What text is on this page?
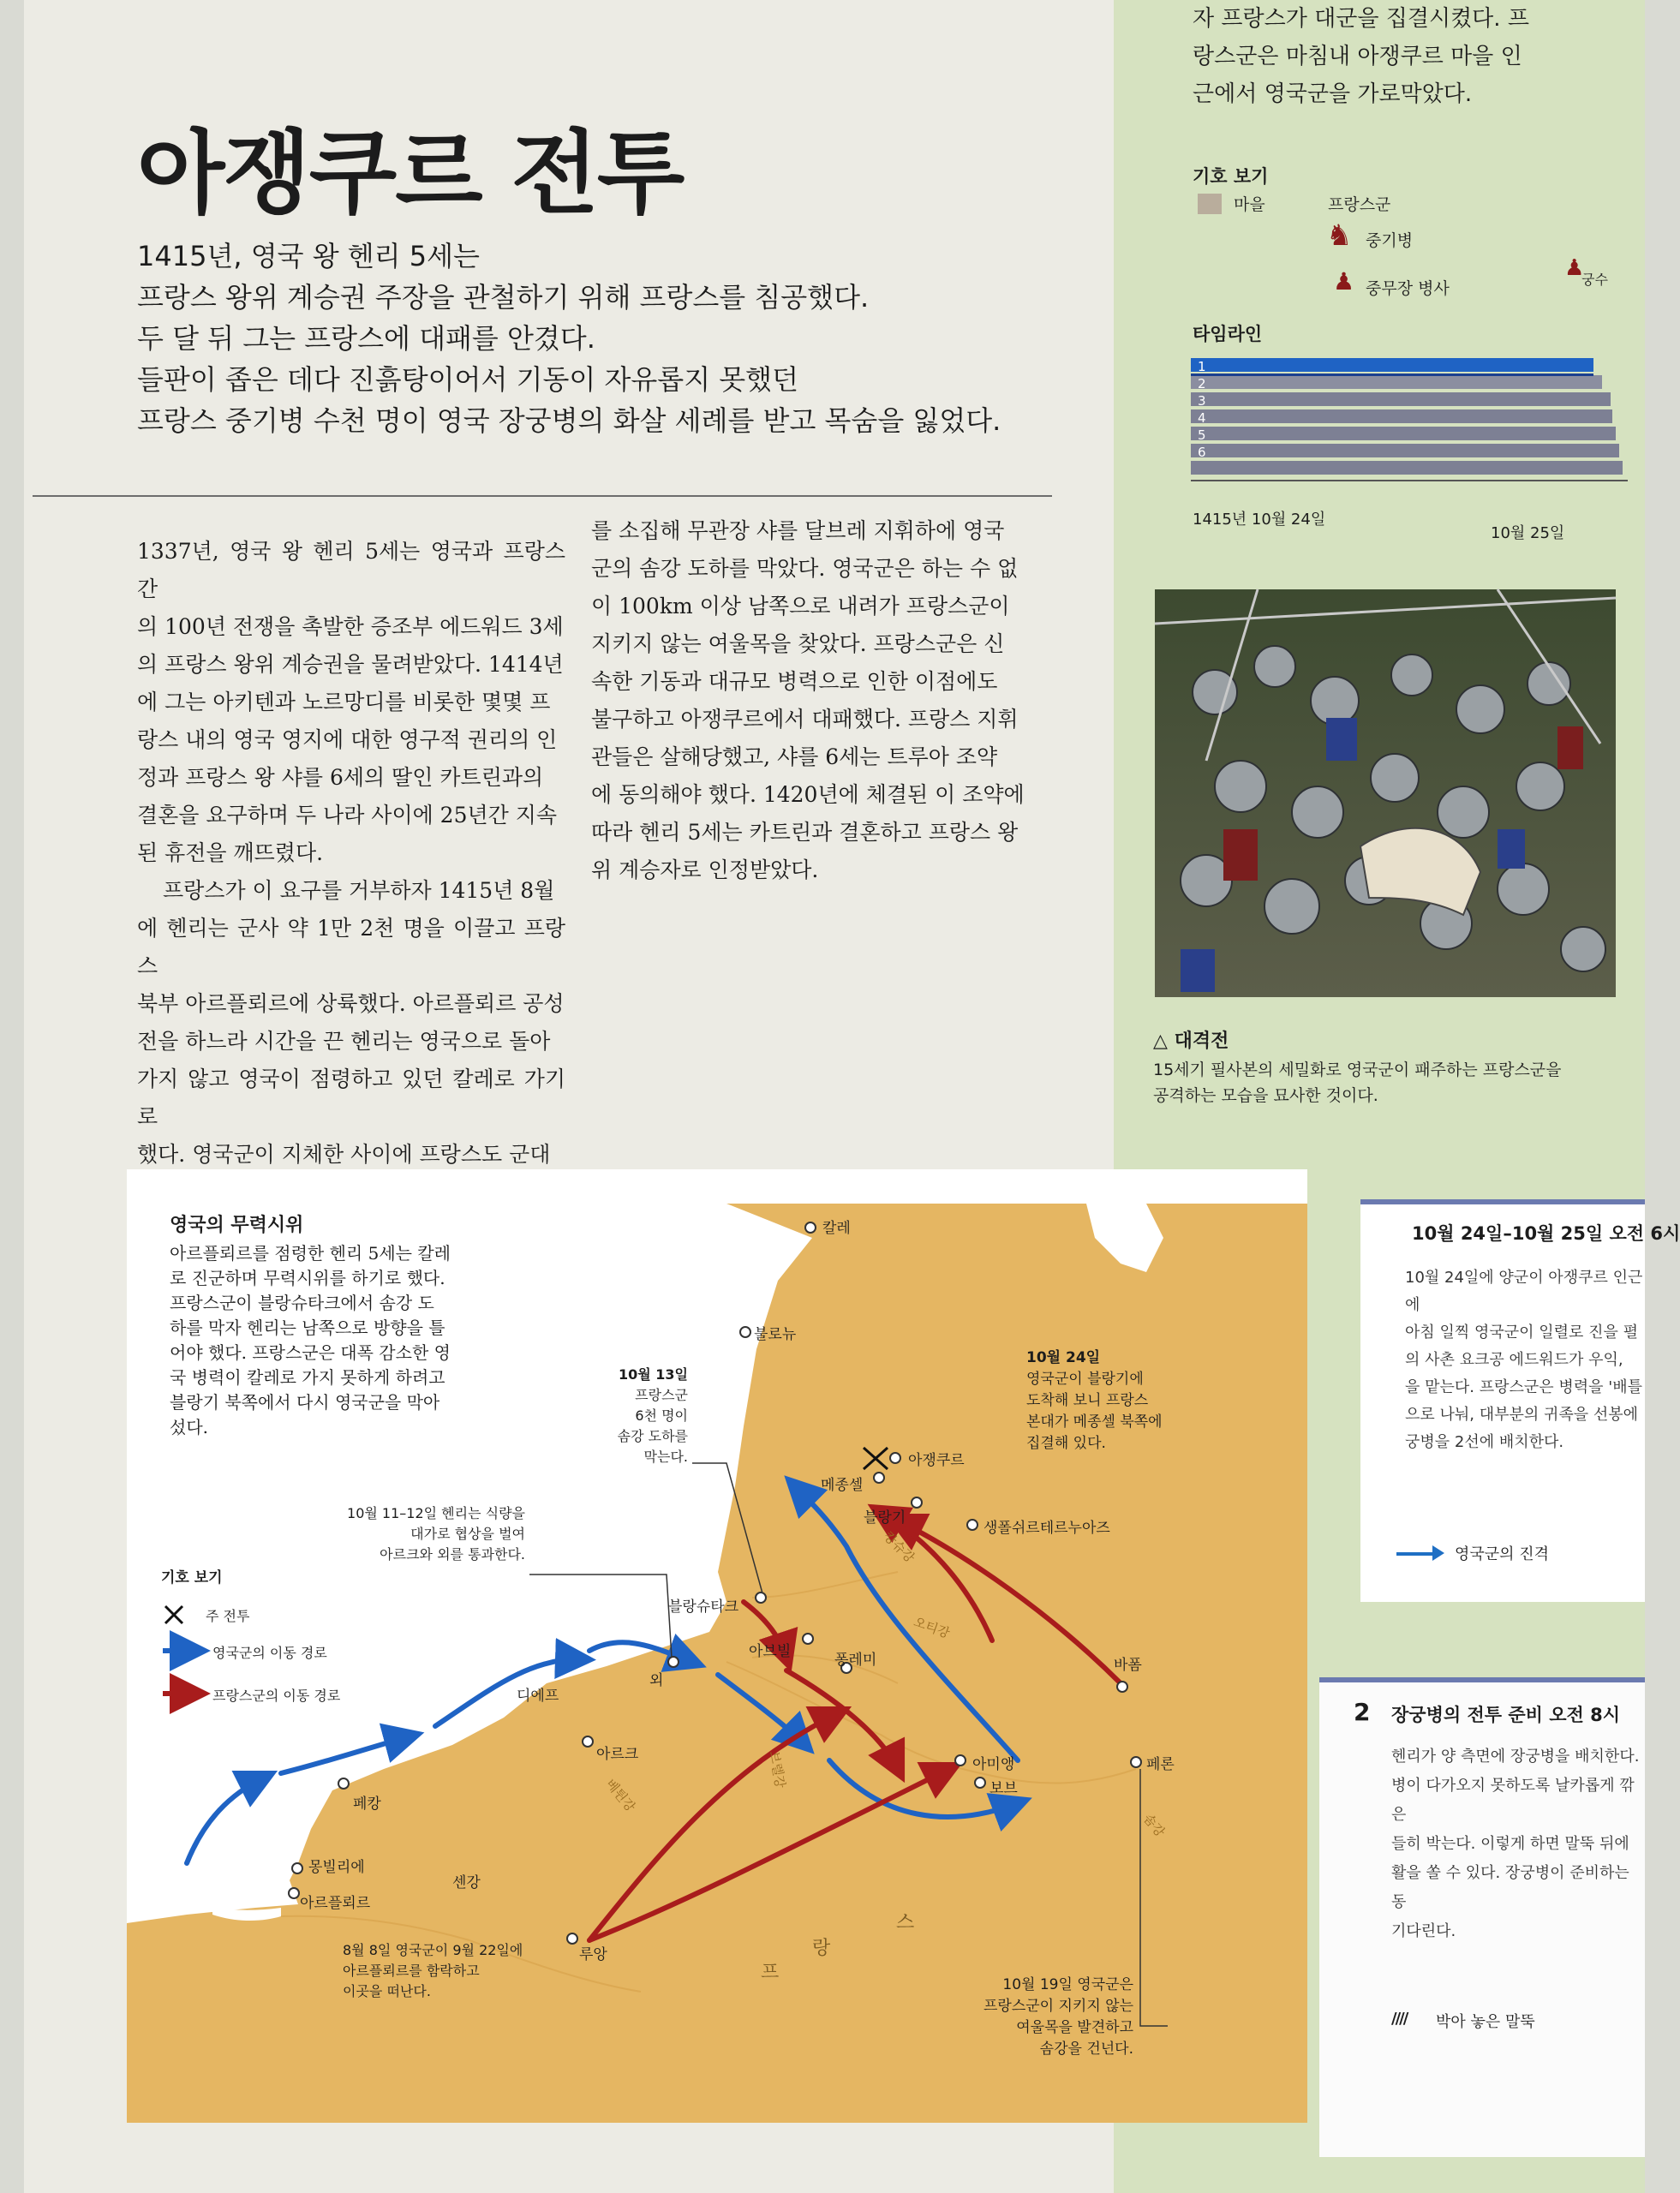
아쟁쿠르 전투
1415년, 영국 왕 헨리 5세는
프랑스 왕위 계승권 주장을 관철하기 위해 프랑스를 침공했다.
두 달 뒤 그는 프랑스에 대패를 안겼다.
들판이 좁은 데다 진흙탕이어서 기동이 자유롭지 못했던
프랑스 중기병 수천 명이 영국 장궁병의 화살 세례를 받고 목숨을 잃었다.

1337년, 영국 왕 헨리 5세는 영국과 프랑스 간

의 100년 전쟁을 촉발한 증조부 에드워드 3세

의 프랑스 왕위 계승권을 물려받았다. 1414년

에 그는 아키텐과 노르망디를 비롯한 몇몇 프

랑스 내의 영국 영지에 대한 영구적 권리의 인

정과 프랑스 왕 샤를 6세의 딸인 카트린과의

결혼을 요구하며 두 나라 사이에 25년간 지속

된 휴전을 깨뜨렸다.

프랑스가 이 요구를 거부하자 1415년 8월

에 헨리는 군사 약 1만 2천 명을 이끌고 프랑스

북부 아르플뢰르에 상륙했다. 아르플뢰르 공성

전을 하느라 시간을 끈 헨리는 영국으로 돌아

가지 않고 영국이 점령하고 있던 칼레로 가기로

했다. 영국군이 지체한 사이에 프랑스도 군대

를 소집해 무관장 샤를 달브레 지휘하에 영국

군의 솜강 도하를 막았다. 영국군은 하는 수 없

이 100km 이상 남쪽으로 내려가 프랑스군이

지키지 않는 여울목을 찾았다. 프랑스군은 신

속한 기동과 대규모 병력으로 인한 이점에도

불구하고 아쟁쿠르에서 대패했다. 프랑스 지휘

관들은 살해당했고, 샤를 6세는 트루아 조약

에 동의해야 했다. 1420년에 체결된 이 조약에

따라 헨리 5세는 카트린과 결혼하고 프랑스 왕

위 계승자로 인정받았다.

자 프랑스가 대군을 집결시켰다. 프
랑스군은 마침내 아쟁쿠르 마을 인
근에서 영국군을 가로막았다.
기호 보기
마을	프랑스군
♞ 중기병
♟ 중무장 병사
♟
궁수
타임라인
2
3
4
5
6
1
1415년 10월 24일
10월 25일
△ 대격전
15세기 필사본의 세밀화로 영국군이 패주하는 프랑스군을
공격하는 모습을 묘사한 것이다.
10월 24일–10월 25일 오전 6시
10월 24일에 양군이 아쟁쿠르 인근에
아침 일찍 영국군이 일렬로 진을 펼
의 사촌 요크공 에드워드가 우익,
을 맡는다. 프랑스군은 병력을 '배틀
으로 나눠, 대부분의 귀족을 선봉에
궁병을 2선에 배치한다.
영국군의 진격
2 장궁병의 전투 준비 오전 8시
헨리가 양 측면에 장궁병을 배치한다.
병이 다가오지 못하도록 날카롭게 깎은
들히 박는다. 이렇게 하면 말뚝 뒤에
활을 쏠 수 있다. 장궁병이 준비하는 동
기다린다.
//// 박아 놓은 말뚝
영국의 무력시위
아르플뢰르를 점령한 헨리 5세는 칼레
로 진군하며 무력시위를 하기로 했다.
프랑스군이 블랑슈타크에서 솜강 도
하를 막자 헨리는 남쪽으로 방향을 틀
어야 했다. 프랑스군은 대폭 감소한 영
국 병력이 칼레로 가지 못하게 하려고
블랑기 북쪽에서 다시 영국군을 막아
섰다.
기호 보기
주 전투
영국군의 이동 경로
프랑스군의 이동 경로
10월 11–12일 헨리는 식량을
대가로 협상을 벌여
아르크와 외를 통과한다.
10월 13일
프랑스군
6천 명이
솜강 도하를
막는다.
10월 24일
영국군이 블랑기에
도착해 보니 프랑스
본대가 메종셀 북쪽에
집결해 있다.
8월 8일 영국군이 9월 22일에
아르플뢰르를 함락하고
이곳을 떠난다.	10월 19일 영국군은
프랑스군이 지키지 않는
여울목을 발견하고
솜강을 건넌다.
칼레
불로뉴
아쟁쿠르
메종셀
블랑기
생폴쉬르테르누아즈
블랑슈타크
아브빌	퐁레미
외
디에프
아르크
페캉
몽빌리에
아르플뢰르
아미앵
보브
페론
바폼
루앙
캉슈강
오티강
브렐강
베튄강
센강
솜강
프
랑
스
